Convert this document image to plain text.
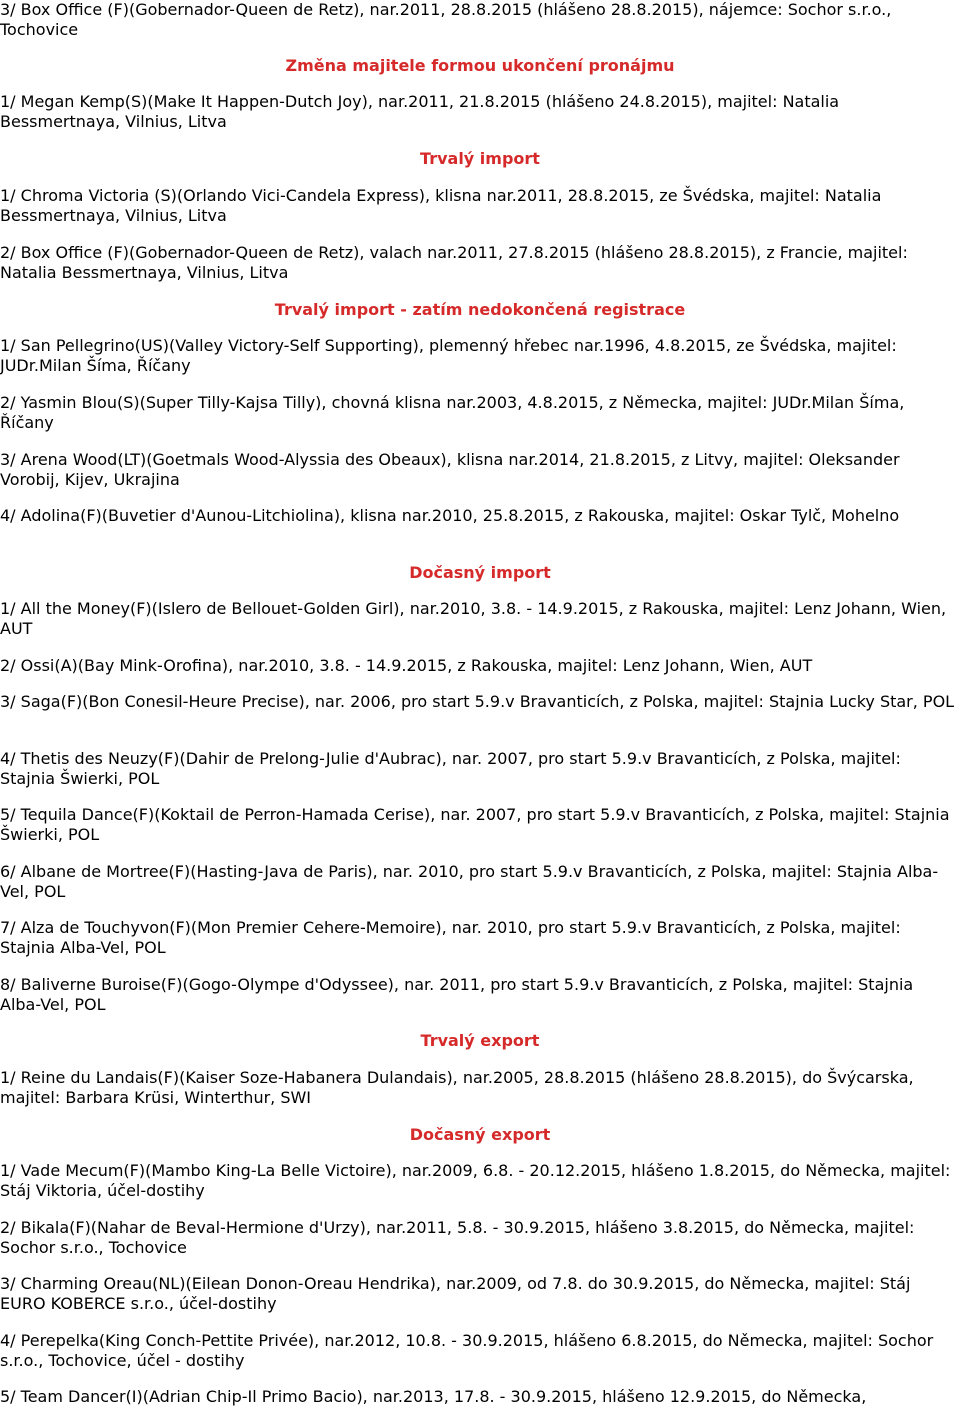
3/ Box Office (F)(Gobernador-Queen de Retz), nar.2011, 28.8.2015 (hlášeno 28.8.2015), nájemce: Sochor s.r.o., Tochovice

Změna majitele formou ukončení pronájmu

1/ Megan Kemp(S)(Make It Happen-Dutch Joy), nar.2011, 21.8.2015 (hlášeno 24.8.2015), majitel: Natalia Bessmertnaya, Vilnius, Litva

Trvalý import

1/ Chroma Victoria (S)(Orlando Vici-Candela Express), klisna nar.2011, 28.8.2015, ze Švédska, majitel: Natalia Bessmertnaya, Vilnius, Litva

2/ Box Office (F)(Gobernador-Queen de Retz), valach nar.2011, 27.8.2015 (hlášeno 28.8.2015), z Francie, majitel: Natalia Bessmertnaya, Vilnius, Litva

Trvalý import - zatím nedokončená registrace

1/ San Pellegrino(US)(Valley Victory-Self Supporting), plemenný hřebec nar.1996, 4.8.2015, ze Švédska, majitel: JUDr.Milan Šíma, Říčany

2/ Yasmin Blou(S)(Super Tilly-Kajsa Tilly), chovná klisna nar.2003, 4.8.2015, z Německa, majitel: JUDr.Milan Šíma, Říčany

3/ Arena Wood(LT)(Goetmals Wood-Alyssia des Obeaux), klisna nar.2014, 21.8.2015, z Litvy, majitel: Oleksander Vorobij, Kijev, Ukrajina

4/ Adolina(F)(Buvetier d'Aunou-Litchiolina), klisna nar.2010, 25.8.2015, z Rakouska, majitel: Oskar Tylč, Mohelno

Dočasný import

1/ All the Money(F)(Islero de Bellouet-Golden Girl), nar.2010, 3.8. - 14.9.2015, z Rakouska, majitel: Lenz Johann, Wien, AUT

2/ Ossi(A)(Bay Mink-Orofina), nar.2010, 3.8. - 14.9.2015, z Rakouska, majitel: Lenz Johann, Wien, AUT

3/ Saga(F)(Bon Conesil-Heure Precise), nar. 2006, pro start 5.9.v Bravanticích, z Polska, majitel: Stajnia Lucky Star, POL

4/ Thetis des Neuzy(F)(Dahir de Prelong-Julie d'Aubrac), nar. 2007, pro start 5.9.v Bravanticích, z Polska, majitel: Stajnia Šwierki, POL

5/ Tequila Dance(F)(Koktail de Perron-Hamada Cerise), nar. 2007, pro start 5.9.v Bravanticích, z Polska, majitel: Stajnia Šwierki, POL

6/ Albane de Mortree(F)(Hasting-Java de Paris), nar. 2010, pro start 5.9.v Bravanticích, z Polska, majitel: Stajnia Alba-Vel, POL

7/ Alza de Touchyvon(F)(Mon Premier Cehere-Memoire), nar. 2010, pro start 5.9.v Bravanticích, z Polska, majitel: Stajnia Alba-Vel, POL

8/ Baliverne Buroise(F)(Gogo-Olympe d'Odyssee), nar. 2011, pro start 5.9.v Bravanticích, z Polska, majitel: Stajnia Alba-Vel, POL

Trvalý export

1/ Reine du Landais(F)(Kaiser Soze-Habanera Dulandais), nar.2005, 28.8.2015 (hlášeno 28.8.2015), do Švýcarska, majitel: Barbara Krüsi, Winterthur, SWI

Dočasný export

1/ Vade Mecum(F)(Mambo King-La Belle Victoire), nar.2009, 6.8. - 20.12.2015, hlášeno 1.8.2015, do Německa, majitel: Stáj Viktoria, účel-dostihy

2/ Bikala(F)(Nahar de Beval-Hermione d'Urzy), nar.2011, 5.8. - 30.9.2015, hlášeno 3.8.2015, do Německa, majitel: Sochor s.r.o., Tochovice

3/ Charming Oreau(NL)(Eilean Donon-Oreau Hendrika), nar.2009, od 7.8. do 30.9.2015, do Německa, majitel: Stáj EURO KOBERCE s.r.o., účel-dostihy

4/ Perepelka(King Conch-Pettite Privée), nar.2012, 10.8. - 30.9.2015, hlášeno 6.8.2015, do Německa, majitel: Sochor s.r.o., Tochovice, účel - dostihy

5/ Team Dancer(I)(Adrian Chip-Il Primo Bacio), nar.2013, 17.8. - 30.9.2015, hlášeno 12.9.2015, do Německa,
